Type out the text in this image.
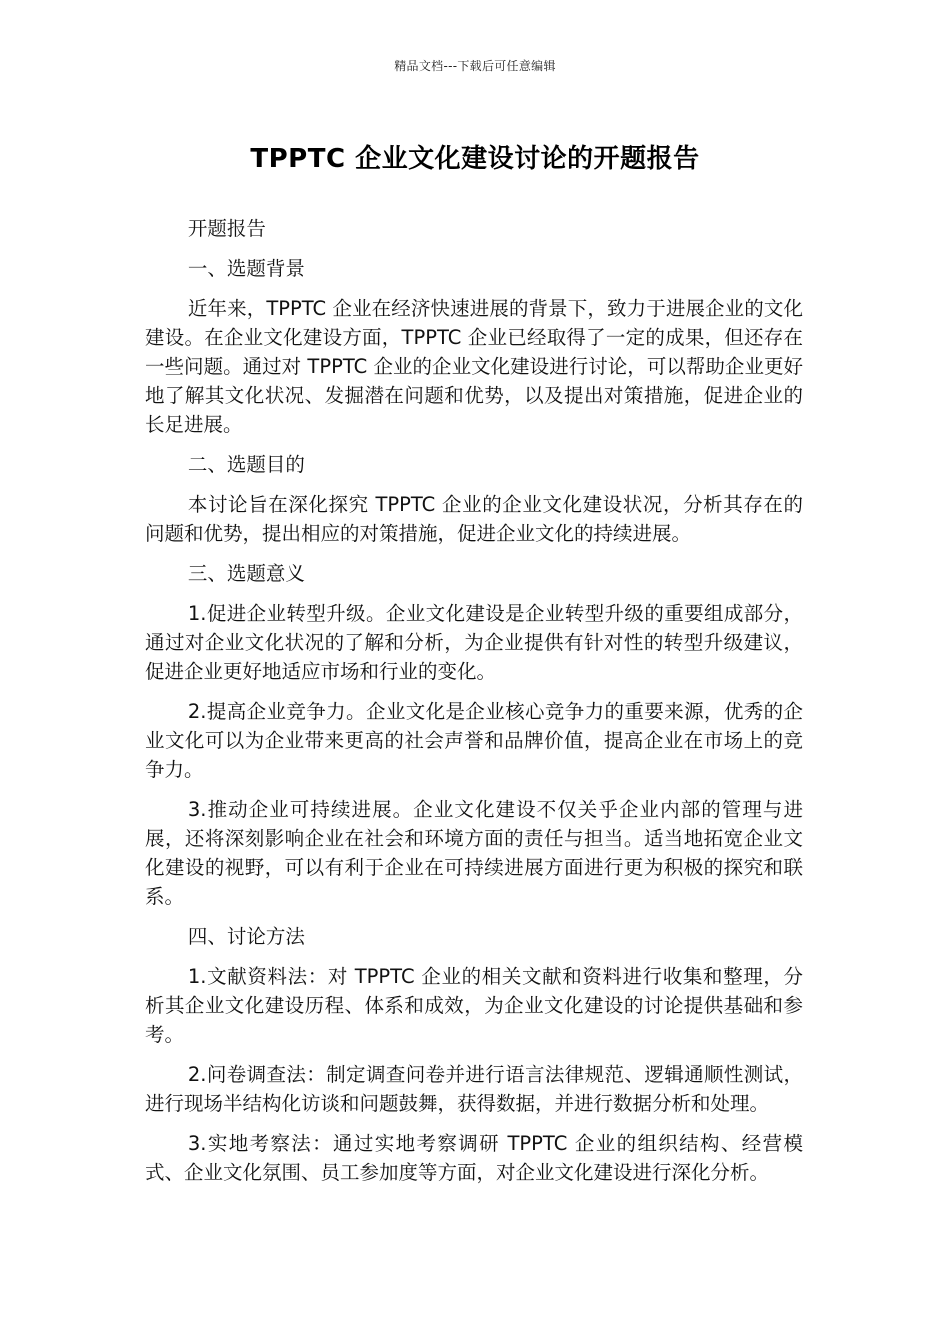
精品文档---下载后可任意编辑
TPPTC 企业文化建设讨论的开题报告

开题报告

一、选题背景

近年来，TPPTC 企业在经济快速进展的背景下，致力于进展企业的文化建设。在企业文化建设方面，TPPTC 企业已经取得了一定的成果，但还存在一些问题。通过对 TPPTC 企业的企业文化建设进行讨论，可以帮助企业更好地了解其文化状况、发掘潜在问题和优势，以及提出对策措施，促进企业的长足进展。

二、选题目的

本讨论旨在深化探究 TPPTC 企业的企业文化建设状况，分析其存在的问题和优势，提出相应的对策措施，促进企业文化的持续进展。

三、选题意义

1.促进企业转型升级。企业文化建设是企业转型升级的重要组成部分，通过对企业文化状况的了解和分析，为企业提供有针对性的转型升级建议，促进企业更好地适应市场和行业的变化。

2.提高企业竞争力。企业文化是企业核心竞争力的重要来源，优秀的企业文化可以为企业带来更高的社会声誉和品牌价值，提高企业在市场上的竞争力。

3.推动企业可持续进展。企业文化建设不仅关乎企业内部的管理与进展，还将深刻影响企业在社会和环境方面的责任与担当。适当地拓宽企业文化建设的视野，可以有利于企业在可持续进展方面进行更为积极的探究和联系。

四、讨论方法

1.文献资料法：对 TPPTC 企业的相关文献和资料进行收集和整理，分析其企业文化建设历程、体系和成效，为企业文化建设的讨论提供基础和参考。

2.问卷调查法：制定调查问卷并进行语言法律规范、逻辑通顺性测试，进行现场半结构化访谈和问题鼓舞，获得数据，并进行数据分析和处理。

3.实地考察法：通过实地考察调研 TPPTC 企业的组织结构、经营模式、企业文化氛围、员工参加度等方面，对企业文化建设进行深化分析。
